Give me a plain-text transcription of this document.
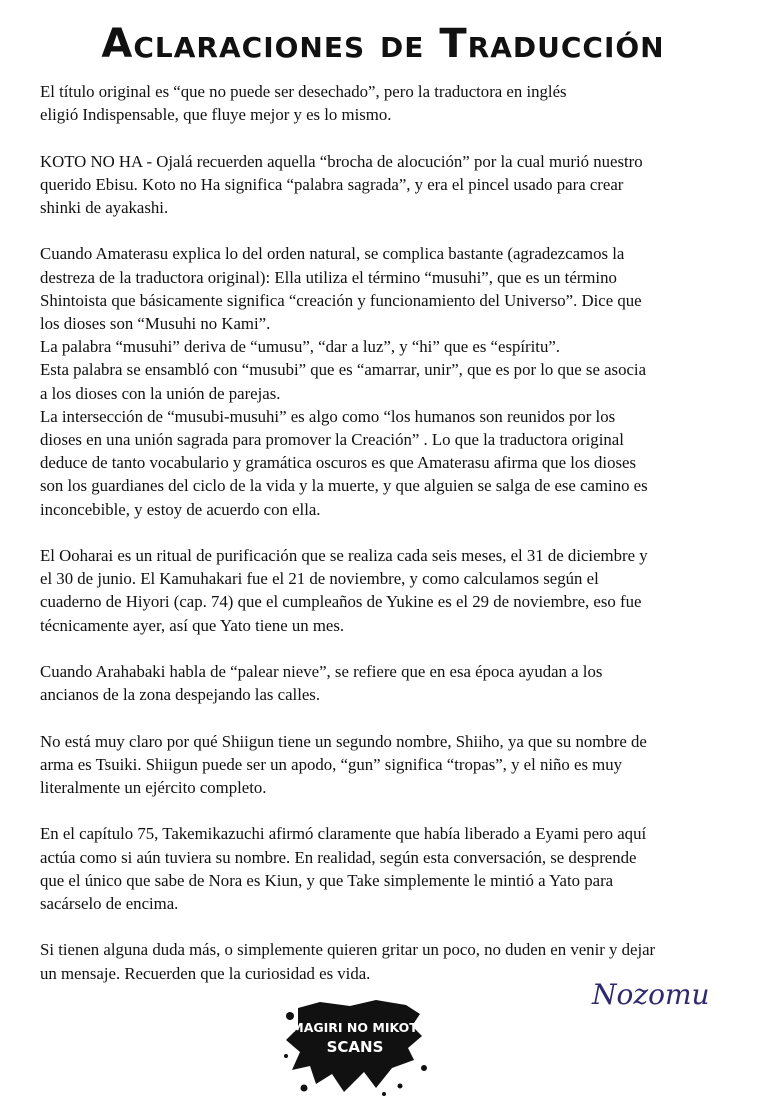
Aclaraciones de Traducción
El título original es “que no puede ser desechado”, pero la traductora en inglés
eligió Indispensable, que fluye mejor y es lo mismo.
KOTO NO HA - Ojalá recuerden aquella “brocha de alocución” por la cual murió nuestro
querido Ebisu. Koto no Ha significa “palabra sagrada”, y era el pincel usado para crear
shinki de ayakashi.
Cuando Amaterasu explica lo del orden natural, se complica bastante (agradezcamos la
destreza de la traductora original): Ella utiliza el término “musuhi”, que es un término
Shintoista que básicamente significa “creación y funcionamiento del Universo”. Dice que
los dioses son “Musuhi no Kami”.
La palabra “musuhi” deriva de “umusu”, “dar a luz”, y “hi” que es “espíritu”.
Esta palabra se ensambló con “musubi” que es “amarrar, unir”, que es por lo que se asocia
a los dioses con la unión de parejas.
La intersección de “musubi-musuhi” es algo como “los humanos son reunidos por los
dioses en una unión sagrada para promover la Creación” . Lo que la traductora original
deduce de tanto vocabulario y gramática oscuros es que Amaterasu afirma que los dioses
son los guardianes del ciclo de la vida y la muerte, y que alguien se salga de ese camino es
inconcebible, y estoy de acuerdo con ella.
El Ooharai es un ritual de purificación que se realiza cada seis meses, el 31 de diciembre y
el 30 de junio. El Kamuhakari fue el 21 de noviembre, y como calculamos según el
cuaderno de Hiyori (cap. 74) que el cumpleaños de Yukine es el 29 de noviembre, eso fue
técnicamente ayer, así que Yato tiene un mes.
Cuando Arahabaki habla de “palear nieve”, se refiere que en esa época ayudan a los
ancianos de la zona despejando las calles.
No está muy claro por qué Shiigun tiene un segundo nombre, Shiiho, ya que su nombre de
arma es Tsuiki. Shiigun puede ser un apodo, “gun” significa “tropas”, y el niño es muy
literalmente un ejército completo.
En el capítulo 75, Takemikazuchi afirmó claramente que había liberado a Eyami pero aquí
actúa como si aún tuviera su nombre. En realidad, según esta conversación, se desprende
que el único que sabe de Nora es Kiun, y que Take simplemente le mintió a Yato para
sacárselo de encima.
Si tienen alguna duda más, o simplemente quieren gritar un poco, no duden en venir y dejar
un mensaje. Recuerden que la curiosidad es vida.
Nozomu
AMAGIRI NO MIKOTO
SCANS
